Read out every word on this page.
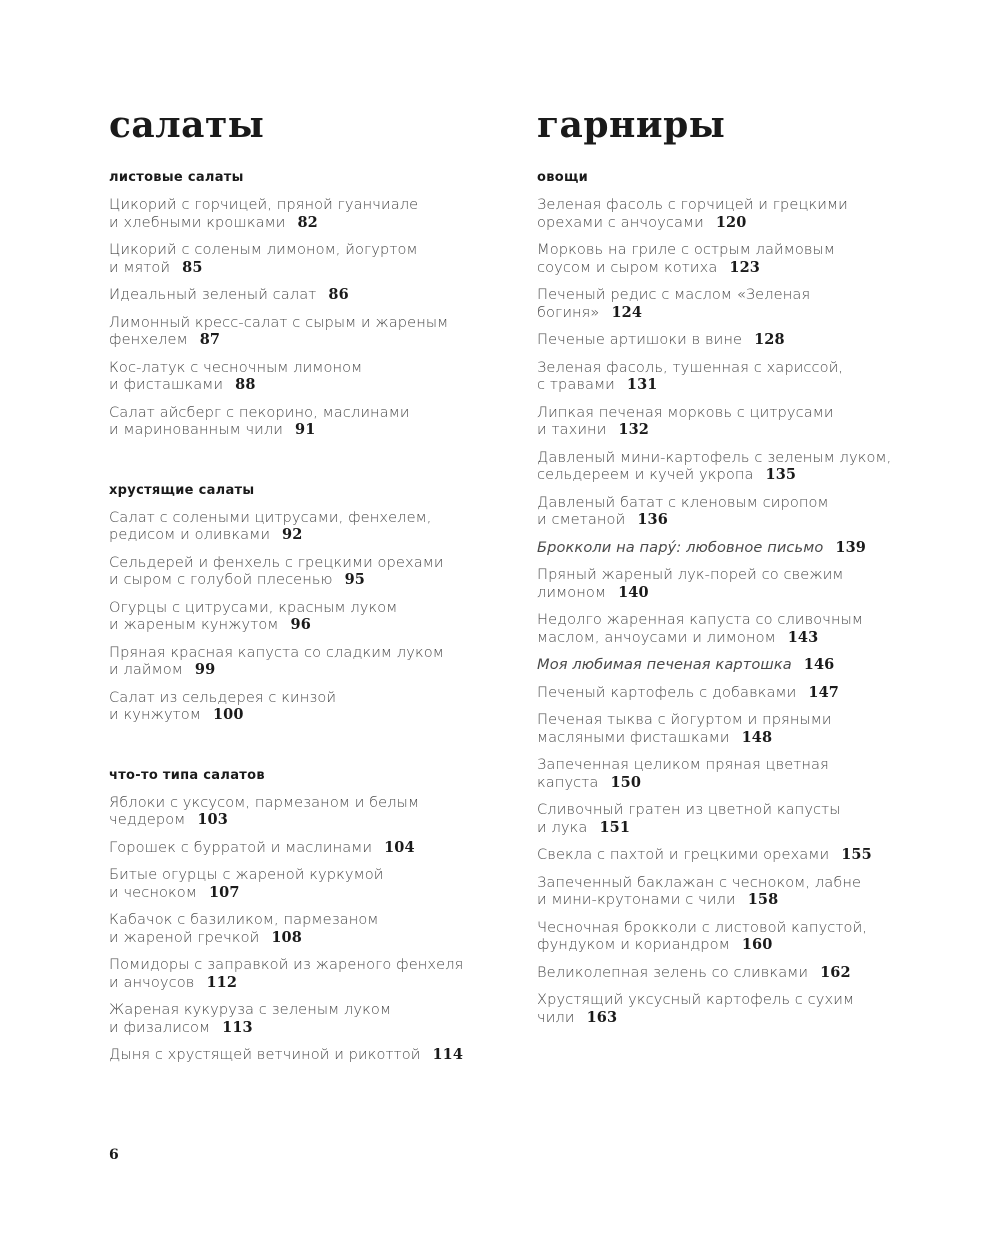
салаты
листовые салаты
Цикорий с горчицей, пряной гуанчиале
и хлебными крошками 82
Цикорий с соленым лимоном, йогуртом
и мятой 85
Идеальный зеленый салат 86
Лимонный кресс-салат с сырым и жареным
фенхелем 87
Кос-латук с чесночным лимоном
и фисташками 88
Салат айсберг с пекорино, маслинами
и маринованным чили 91
хрустящие салаты
Салат с солеными цитрусами, фенхелем,
редисом и оливками 92
Сельдерей и фенхель с грецкими орехами
и сыром с голубой плесенью 95
Огурцы с цитрусами, красным луком
и жареным кунжутом 96
Пряная красная капуста со сладким луком
и лаймом 99
Салат из сельдерея с кинзой
и кунжутом 100
что-то типа салатов
Яблоки с уксусом, пармезаном и белым
чеддером 103
Горошек с бурратой и маслинами 104
Битые огурцы с жареной куркумой
и чесноком 107
Кабачок с базиликом, пармезаном
и жареной гречкой 108
Помидоры с заправкой из жареного фенхеля
и анчоусов 112
Жареная кукуруза с зеленым луком
и физалисом 113
Дыня с хрустящей ветчиной и рикоттой 114
гарниры
овощи
Зеленая фасоль с горчицей и грецкими
орехами с анчоусами 120
Морковь на гриле с острым лаймовым
соусом и сыром котиха 123
Печеный редис с маслом «Зеленая
богиня» 124
Печеные артишоки в вине 128
Зеленая фасоль, тушенная с хариссой,
с травами 131
Липкая печеная морковь с цитрусами
и тахини 132
Давленый мини-картофель с зеленым луком,
сельдереем и кучей укропа 135
Давленый батат с кленовым сиропом
и сметаной 136
Брокколи на пару́: любовное письмо 139
Пряный жареный лук-порей со свежим
лимоном 140
Недолго жаренная капуста со сливочным
маслом, анчоусами и лимоном 143
Моя любимая печеная картошка 146
Печеный картофель с добавками 147
Печеная тыква с йогуртом и пряными
масляными фисташками 148
Запеченная целиком пряная цветная
капуста 150
Сливочный гратен из цветной капусты
и лука 151
Свекла с пахтой и грецкими орехами 155
Запеченный баклажан с чесноком, лабне
и мини-крутонами с чили 158
Чесночная брокколи с листовой капустой,
фундуком и кориандром 160
Великолепная зелень со сливками 162
Хрустящий уксусный картофель с сухим
чили 163
6
